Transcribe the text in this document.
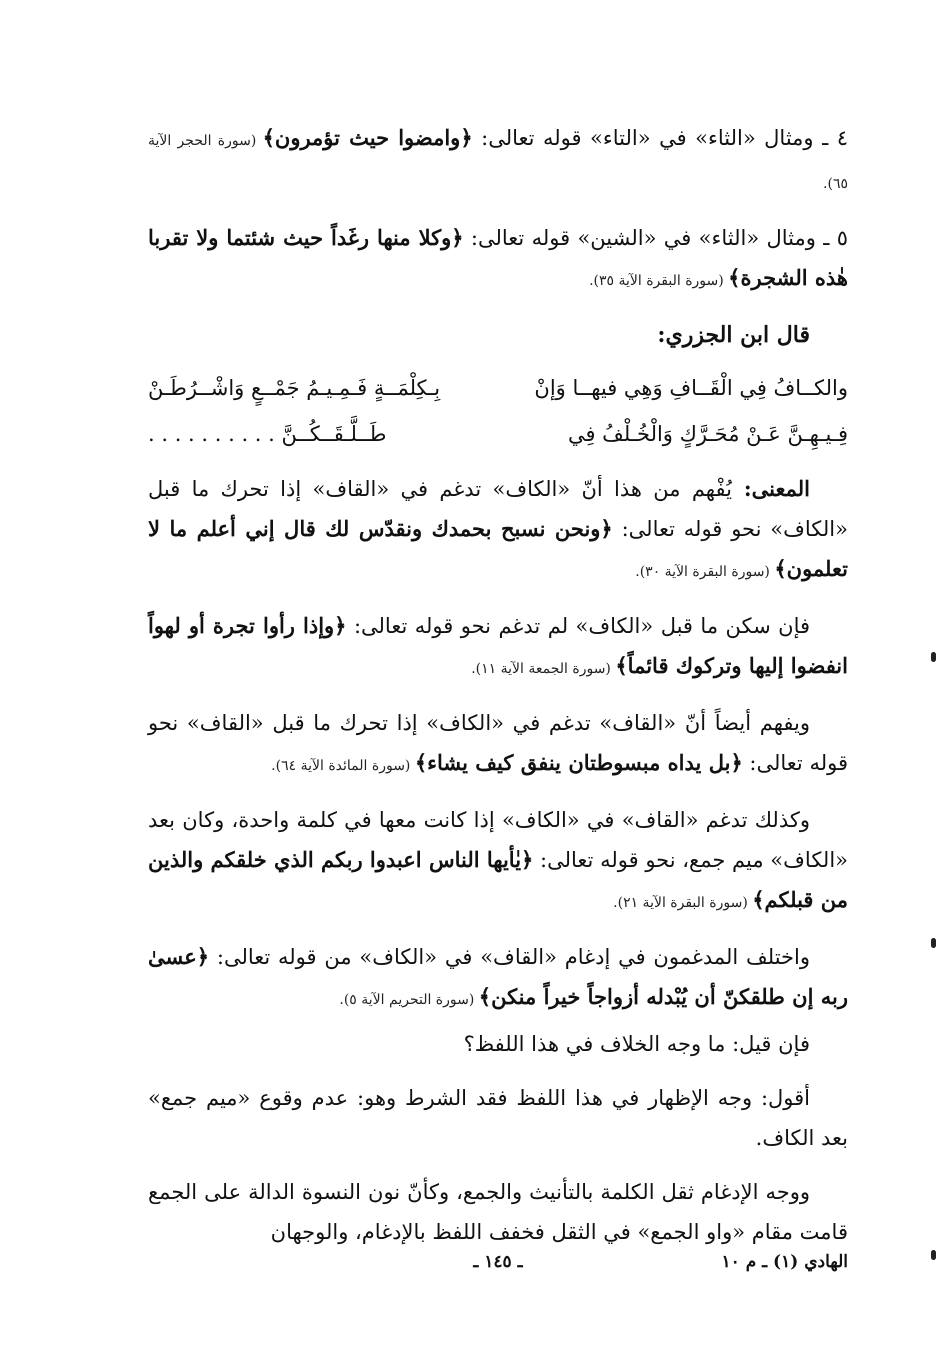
٤ ـ ومثال «الثاء» في «التاء» قوله تعالى: ﴿وامضوا حيث تؤمرون﴾ (سورة الحجر الآية ٦٥).

٥ ـ ومثال «الثاء» في «الشين» قوله تعالى: ﴿وكلا منها رغَداً حيث شئتما ولا تقربا هٰذه الشجرة﴾ (سورة البقرة الآية ٣٥).

قال ابن الجزري:
والكــافُ فِي الْقَــافِ وَهِي فيهــا وَإنْ
بِـكِلْمَــةٍ فَـمِـيـمُ جَمْــعٍ وَاشْــرُطَـنْ
فِـيـهِـنَّ عَـنْ مُحَـرَّكٍ وَالْخُـلْفُ فِي
طَــلَّـقَــكُــنَّ . . . . . . . . . .

المعنى: يُفْهم من هذا أنّ «الكاف» تدغم في «القاف» إذا تحرك ما قبل «الكاف» نحو قوله تعالى: ﴿ونحن نسبح بحمدك ونقدّس لك قال إني أعلم ما لا تعلمون﴾ (سورة البقرة الآية ٣٠).

فإن سكن ما قبل «الكاف» لم تدغم نحو قوله تعالى: ﴿وإذا رأوا تجرة أو لهواً انفضوا إليها وتركوك قائماً﴾ (سورة الجمعة الآية ١١).

ويفهم أيضاً أنّ «القاف» تدغم في «الكاف» إذا تحرك ما قبل «القاف» نحو قوله تعالى: ﴿بل يداه مبسوطتان ينفق كيف يشاء﴾ (سورة المائدة الآية ٦٤).

وكذلك تدغم «القاف» في «الكاف» إذا كانت معها في كلمة واحدة، وكان بعد «الكاف» ميم جمع، نحو قوله تعالى: ﴿يٰأيها الناس اعبدوا ربكم الذي خلقكم والذين من قبلكم﴾ (سورة البقرة الآية ٢١).

واختلف المدغمون في إدغام «القاف» في «الكاف» من قوله تعالى: ﴿عسىٰ ربه إن طلقكنّ أن يُبْدله أزواجاً خيراً منكن﴾ (سورة التحريم الآية ٥).

فإن قيل: ما وجه الخلاف في هذا اللفظ؟

أقول: وجه الإظهار في هذا اللفظ فقد الشرط وهو: عدم وقوع «ميم جمع» بعد الكاف.

ووجه الإدغام ثقل الكلمة بالتأنيث والجمع، وكأنّ نون النسوة الدالة على الجمع قامت مقام «واو الجمع» في الثقل فخفف اللفظ بالإدغام، والوجهان

الهادي (١) ـ م ١٠
ـ ١٤٥ ـ
